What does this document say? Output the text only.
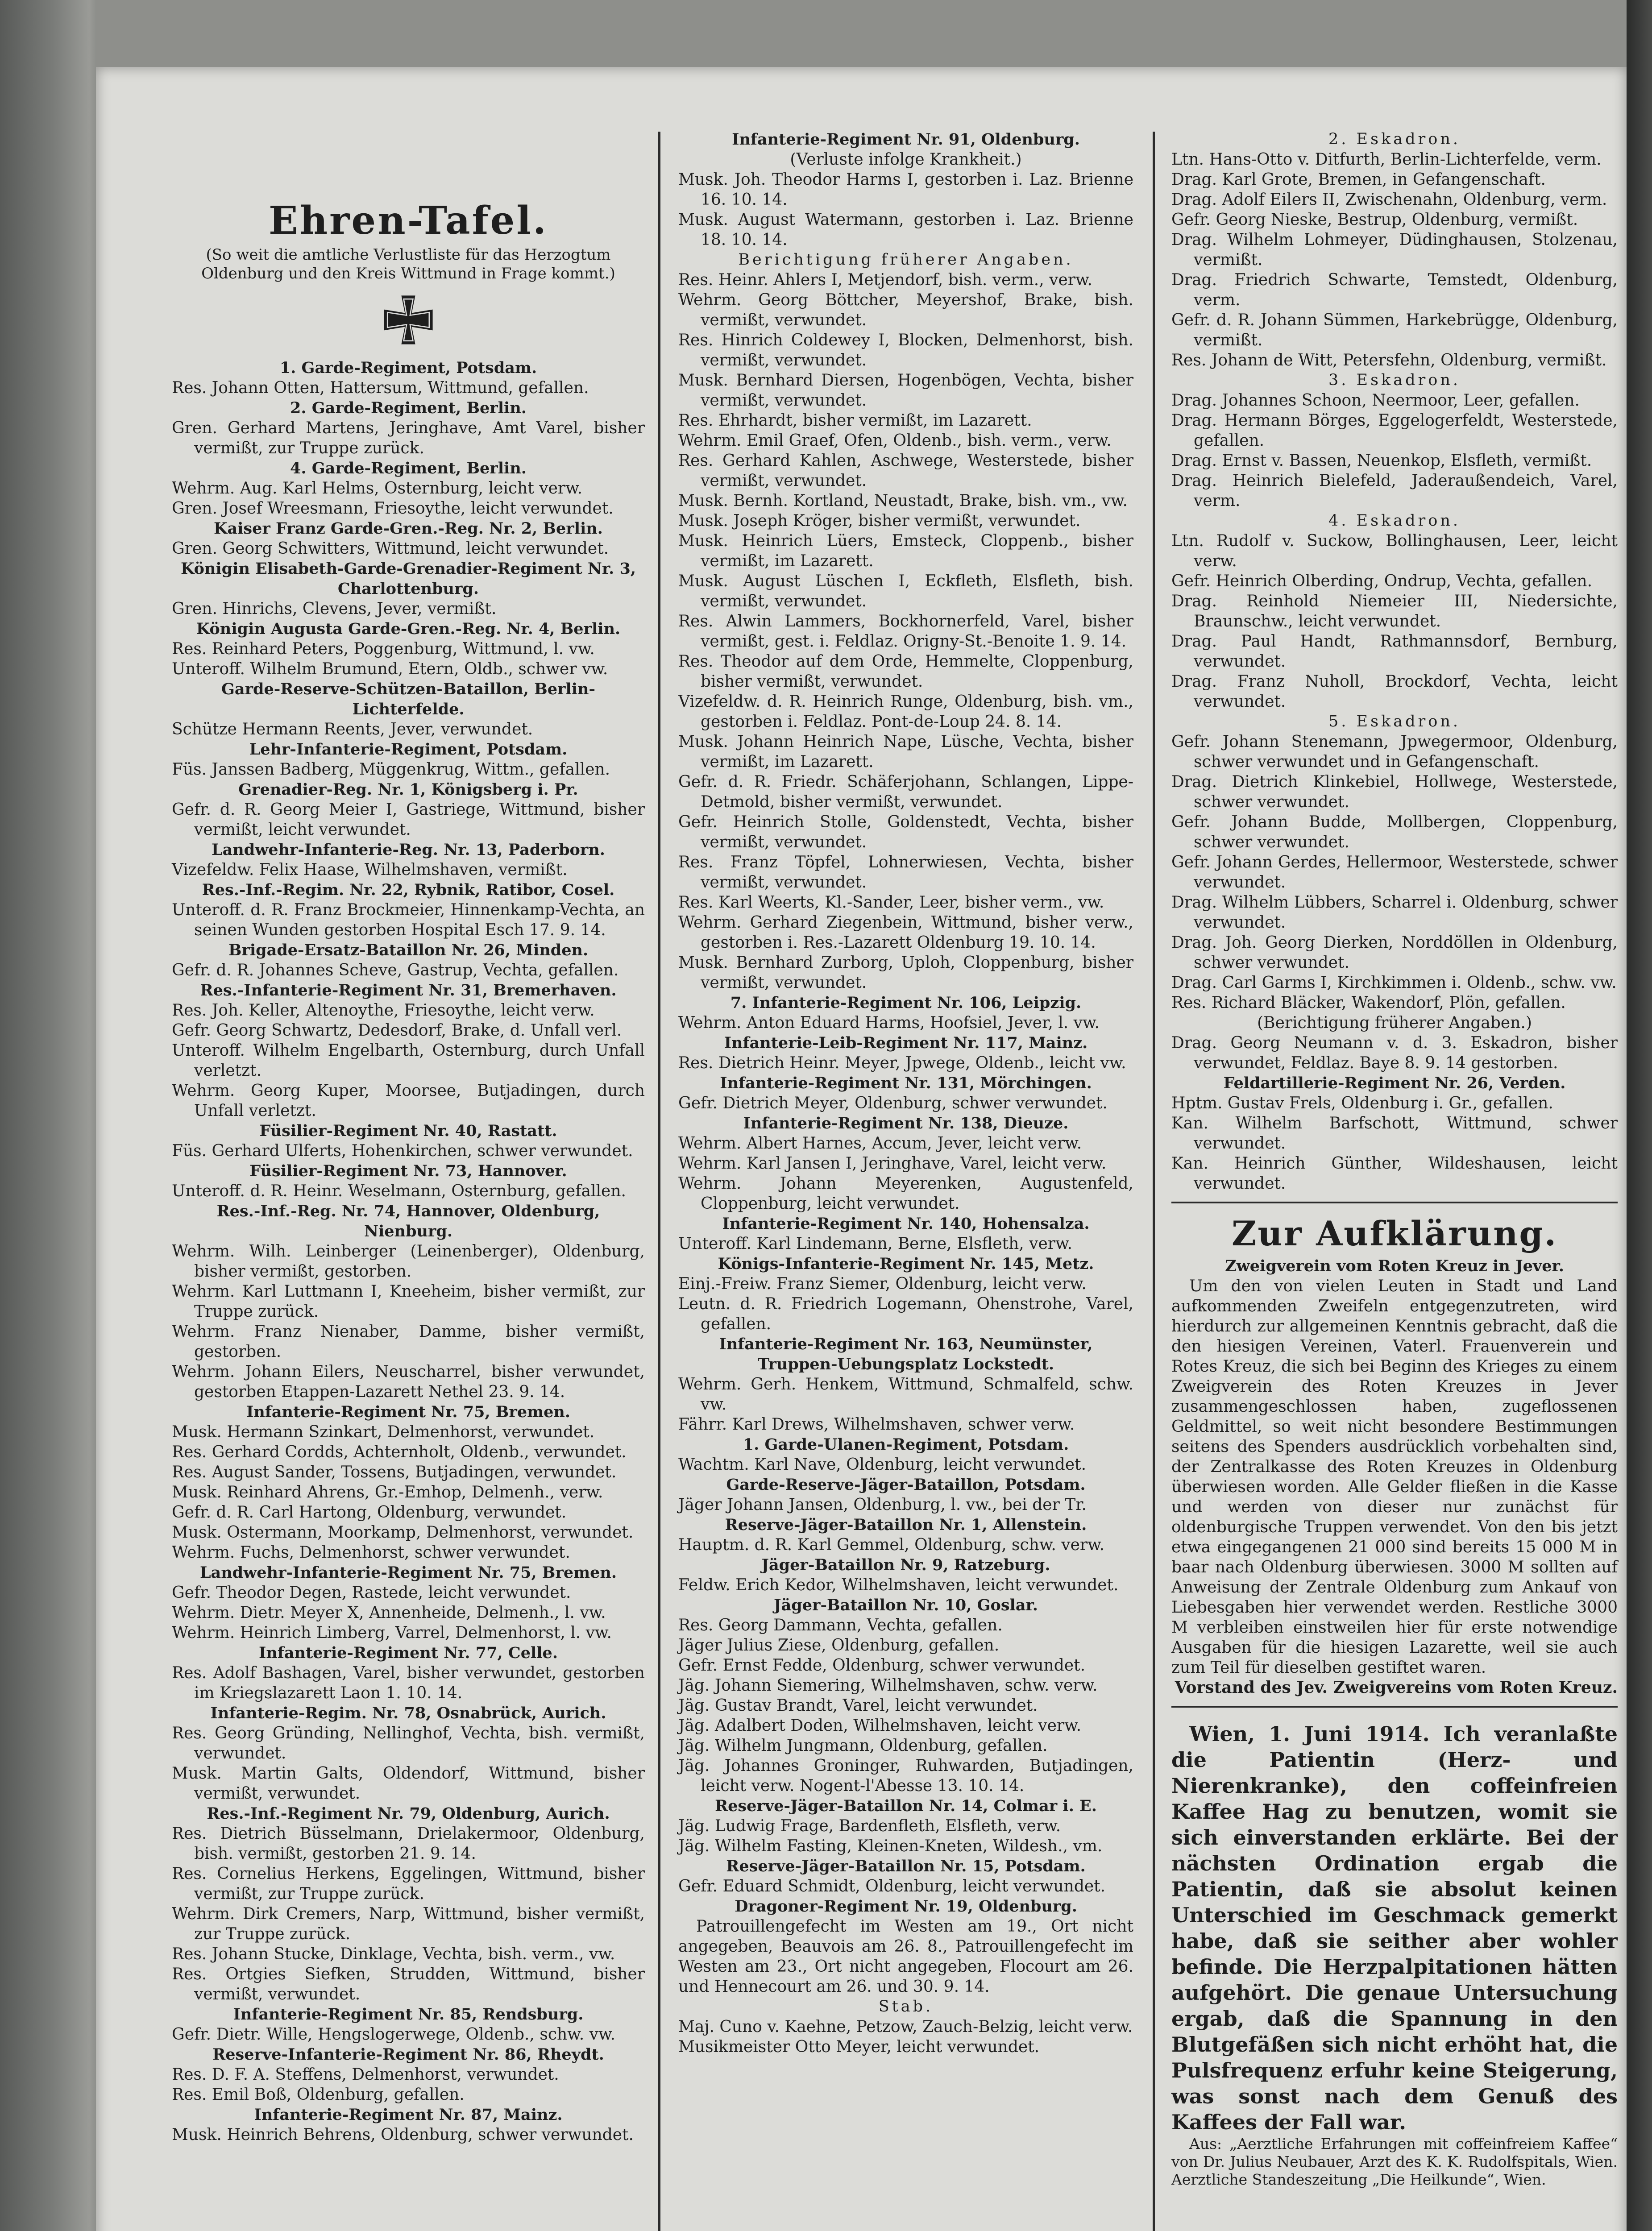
Ehren-Tafel.
(So weit die amtliche Verlustliste für das Herzogtum Oldenburg und den Kreis Wittmund in Frage kommt.)
1. Garde-Regiment, Potsdam.
Res. Johann Otten, Hattersum, Wittmund, gefallen.
2. Garde-Regiment, Berlin.
Gren. Gerhard Martens, Jeringhave, Amt Varel, bisher vermißt, zur Truppe zurück.
4. Garde-Regiment, Berlin.
Wehrm. Aug. Karl Helms, Osternburg, leicht verw.
Gren. Josef Wreesmann, Friesoythe, leicht verwundet.
Kaiser Franz Garde-Gren.-Reg. Nr. 2, Berlin.
Gren. Georg Schwitters, Wittmund, leicht verwundet.
Königin Elisabeth-Garde-Grenadier-Regiment Nr. 3, Charlottenburg.
Gren. Hinrichs, Clevens, Jever, vermißt.
Königin Augusta Garde-Gren.-Reg. Nr. 4, Berlin.
Res. Reinhard Peters, Poggenburg, Wittmund, l. vw.
Unteroff. Wilhelm Brumund, Etern, Oldb., schwer vw.
Garde-Reserve-Schützen-Bataillon, Berlin-Lichterfelde.
Schütze Hermann Reents, Jever, verwundet.
Lehr-Infanterie-Regiment, Potsdam.
Füs. Janssen Badberg, Müggenkrug, Wittm., gefallen.
Grenadier-Reg. Nr. 1, Königsberg i. Pr.
Gefr. d. R. Georg Meier I, Gastriege, Wittmund, bisher vermißt, leicht verwundet.
Landwehr-Infanterie-Reg. Nr. 13, Paderborn.
Vizefeldw. Felix Haase, Wilhelmshaven, vermißt.
Res.-Inf.-Regim. Nr. 22, Rybnik, Ratibor, Cosel.
Unteroff. d. R. Franz Brockmeier, Hinnenkamp-Vechta, an seinen Wunden gestorben Hospital Esch 17. 9. 14.
Brigade-Ersatz-Bataillon Nr. 26, Minden.
Gefr. d. R. Johannes Scheve, Gastrup, Vechta, gefallen.
Res.-Infanterie-Regiment Nr. 31, Bremerhaven.
Res. Joh. Keller, Altenoythe, Friesoythe, leicht verw.
Gefr. Georg Schwartz, Dedesdorf, Brake, d. Unfall verl.
Unteroff. Wilhelm Engelbarth, Osternburg, durch Unfall verletzt.
Wehrm. Georg Kuper, Moorsee, Butjadingen, durch Unfall verletzt.
Füsilier-Regiment Nr. 40, Rastatt.
Füs. Gerhard Ulferts, Hohenkirchen, schwer verwundet.
Füsilier-Regiment Nr. 73, Hannover.
Unteroff. d. R. Heinr. Weselmann, Osternburg, gefallen.
Res.-Inf.-Reg. Nr. 74, Hannover, Oldenburg, Nienburg.
Wehrm. Wilh. Leinberger (Leinenberger), Oldenburg, bisher vermißt, gestorben.
Wehrm. Karl Luttmann I, Kneeheim, bisher vermißt, zur Truppe zurück.
Wehrm. Franz Nienaber, Damme, bisher vermißt, gestorben.
Wehrm. Johann Eilers, Neuscharrel, bisher verwundet, gestorben Etappen-Lazarett Nethel 23. 9. 14.
Infanterie-Regiment Nr. 75, Bremen.
Musk. Hermann Szinkart, Delmenhorst, verwundet.
Res. Gerhard Cordds, Achternholt, Oldenb., verwundet.
Res. August Sander, Tossens, Butjadingen, verwundet.
Musk. Reinhard Ahrens, Gr.-Emhop, Delmenh., verw.
Gefr. d. R. Carl Hartong, Oldenburg, verwundet.
Musk. Ostermann, Moorkamp, Delmenhorst, verwundet.
Wehrm. Fuchs, Delmenhorst, schwer verwundet.
Landwehr-Infanterie-Regiment Nr. 75, Bremen.
Gefr. Theodor Degen, Rastede, leicht verwundet.
Wehrm. Dietr. Meyer X, Annenheide, Delmenh., l. vw.
Wehrm. Heinrich Limberg, Varrel, Delmenhorst, l. vw.
Infanterie-Regiment Nr. 77, Celle.
Res. Adolf Bashagen, Varel, bisher verwundet, gestorben im Kriegslazarett Laon 1. 10. 14.
Infanterie-Regim. Nr. 78, Osnabrück, Aurich.
Res. Georg Gründing, Nellinghof, Vechta, bish. vermißt, verwundet.
Musk. Martin Galts, Oldendorf, Wittmund, bisher vermißt, verwundet.
Res.-Inf.-Regiment Nr. 79, Oldenburg, Aurich.
Res. Dietrich Büsselmann, Drielakermoor, Oldenburg, bish. vermißt, gestorben 21. 9. 14.
Res. Cornelius Herkens, Eggelingen, Wittmund, bisher vermißt, zur Truppe zurück.
Wehrm. Dirk Cremers, Narp, Wittmund, bisher vermißt, zur Truppe zurück.
Res. Johann Stucke, Dinklage, Vechta, bish. verm., vw.
Res. Ortgies Siefken, Strudden, Wittmund, bisher vermißt, verwundet.
Infanterie-Regiment Nr. 85, Rendsburg.
Gefr. Dietr. Wille, Hengslogerwege, Oldenb., schw. vw.
Reserve-Infanterie-Regiment Nr. 86, Rheydt.
Res. D. F. A. Steffens, Delmenhorst, verwundet.
Res. Emil Boß, Oldenburg, gefallen.
Infanterie-Regiment Nr. 87, Mainz.
Musk. Heinrich Behrens, Oldenburg, schwer verwundet.
Infanterie-Regiment Nr. 91, Oldenburg.
(Verluste infolge Krankheit.)
Musk. Joh. Theodor Harms I, gestorben i. Laz. Brienne 16. 10. 14.
Musk. August Watermann, gestorben i. Laz. Brienne 18. 10. 14.
Berichtigung früherer Angaben.
Res. Heinr. Ahlers I, Metjendorf, bish. verm., verw.
Wehrm. Georg Böttcher, Meyershof, Brake, bish. vermißt, verwundet.
Res. Hinrich Coldewey I, Blocken, Delmenhorst, bish. vermißt, verwundet.
Musk. Bernhard Diersen, Hogenbögen, Vechta, bisher vermißt, verwundet.
Res. Ehrhardt, bisher vermißt, im Lazarett.
Wehrm. Emil Graef, Ofen, Oldenb., bish. verm., verw.
Res. Gerhard Kahlen, Aschwege, Westerstede, bisher vermißt, verwundet.
Musk. Bernh. Kortland, Neustadt, Brake, bish. vm., vw.
Musk. Joseph Kröger, bisher vermißt, verwundet.
Musk. Heinrich Lüers, Emsteck, Cloppenb., bisher vermißt, im Lazarett.
Musk. August Lüschen I, Eckfleth, Elsfleth, bish. vermißt, verwundet.
Res. Alwin Lammers, Bockhornerfeld, Varel, bisher vermißt, gest. i. Feldlaz. Origny-St.-Benoite 1. 9. 14.
Res. Theodor auf dem Orde, Hemmelte, Cloppenburg, bisher vermißt, verwundet.
Vizefeldw. d. R. Heinrich Runge, Oldenburg, bish. vm., gestorben i. Feldlaz. Pont-de-Loup 24. 8. 14.
Musk. Johann Heinrich Nape, Lüsche, Vechta, bisher vermißt, im Lazarett.
Gefr. d. R. Friedr. Schäferjohann, Schlangen, Lippe-Detmold, bisher vermißt, verwundet.
Gefr. Heinrich Stolle, Goldenstedt, Vechta, bisher vermißt, verwundet.
Res. Franz Töpfel, Lohnerwiesen, Vechta, bisher vermißt, verwundet.
Res. Karl Weerts, Kl.-Sander, Leer, bisher verm., vw.
Wehrm. Gerhard Ziegenbein, Wittmund, bisher verw., gestorben i. Res.-Lazarett Oldenburg 19. 10. 14.
Musk. Bernhard Zurborg, Uploh, Cloppenburg, bisher vermißt, verwundet.
7. Infanterie-Regiment Nr. 106, Leipzig.
Wehrm. Anton Eduard Harms, Hoofsiel, Jever, l. vw.
Infanterie-Leib-Regiment Nr. 117, Mainz.
Res. Dietrich Heinr. Meyer, Jpwege, Oldenb., leicht vw.
Infanterie-Regiment Nr. 131, Mörchingen.
Gefr. Dietrich Meyer, Oldenburg, schwer verwundet.
Infanterie-Regiment Nr. 138, Dieuze.
Wehrm. Albert Harnes, Accum, Jever, leicht verw.
Wehrm. Karl Jansen I, Jeringhave, Varel, leicht verw.
Wehrm. Johann Meyerenken, Augustenfeld, Cloppenburg, leicht verwundet.
Infanterie-Regiment Nr. 140, Hohensalza.
Unteroff. Karl Lindemann, Berne, Elsfleth, verw.
Königs-Infanterie-Regiment Nr. 145, Metz.
Einj.-Freiw. Franz Siemer, Oldenburg, leicht verw.
Leutn. d. R. Friedrich Logemann, Ohenstrohe, Varel, gefallen.
Infanterie-Regiment Nr. 163, Neumünster, Truppen-Uebungsplatz Lockstedt.
Wehrm. Gerh. Henkem, Wittmund, Schmalfeld, schw. vw.
Fährr. Karl Drews, Wilhelmshaven, schwer verw.
1. Garde-Ulanen-Regiment, Potsdam.
Wachtm. Karl Nave, Oldenburg, leicht verwundet.
Garde-Reserve-Jäger-Bataillon, Potsdam.
Jäger Johann Jansen, Oldenburg, l. vw., bei der Tr.
Reserve-Jäger-Bataillon Nr. 1, Allenstein.
Hauptm. d. R. Karl Gemmel, Oldenburg, schw. verw.
Jäger-Bataillon Nr. 9, Ratzeburg.
Feldw. Erich Kedor, Wilhelmshaven, leicht verwundet.
Jäger-Bataillon Nr. 10, Goslar.
Res. Georg Dammann, Vechta, gefallen.
Jäger Julius Ziese, Oldenburg, gefallen.
Gefr. Ernst Fedde, Oldenburg, schwer verwundet.
Jäg. Johann Siemering, Wilhelmshaven, schw. verw.
Jäg. Gustav Brandt, Varel, leicht verwundet.
Jäg. Adalbert Doden, Wilhelmshaven, leicht verw.
Jäg. Wilhelm Jungmann, Oldenburg, gefallen.
Jäg. Johannes Groninger, Ruhwarden, Butjadingen, leicht verw. Nogent-l'Abesse 13. 10. 14.
Reserve-Jäger-Bataillon Nr. 14, Colmar i. E.
Jäg. Ludwig Frage, Bardenfleth, Elsfleth, verw.
Jäg. Wilhelm Fasting, Kleinen-Kneten, Wildesh., vm.
Reserve-Jäger-Bataillon Nr. 15, Potsdam.
Gefr. Eduard Schmidt, Oldenburg, leicht verwundet.
Dragoner-Regiment Nr. 19, Oldenburg.
Patrouillengefecht im Westen am 19., Ort nicht angegeben, Beauvois am 26. 8., Patrouillengefecht im Westen am 23., Ort nicht angegeben, Flocourt am 26. und Hennecourt am 26. und 30. 9. 14.
Stab.
Maj. Cuno v. Kaehne, Petzow, Zauch-Belzig, leicht verw.
Musikmeister Otto Meyer, leicht verwundet.
2. Eskadron.
Ltn. Hans-Otto v. Ditfurth, Berlin-Lichterfelde, verm.
Drag. Karl Grote, Bremen, in Gefangenschaft.
Drag. Adolf Eilers II, Zwischenahn, Oldenburg, verm.
Gefr. Georg Nieske, Bestrup, Oldenburg, vermißt.
Drag. Wilhelm Lohmeyer, Düdinghausen, Stolzenau, vermißt.
Drag. Friedrich Schwarte, Temstedt, Oldenburg, verm.
Gefr. d. R. Johann Sümmen, Harkebrügge, Oldenburg, vermißt.
Res. Johann de Witt, Petersfehn, Oldenburg, vermißt.
3. Eskadron.
Drag. Johannes Schoon, Neermoor, Leer, gefallen.
Drag. Hermann Börges, Eggelogerfeldt, Westerstede, gefallen.
Drag. Ernst v. Bassen, Neuenkop, Elsfleth, vermißt.
Drag. Heinrich Bielefeld, Jaderaußendeich, Varel, verm.
4. Eskadron.
Ltn. Rudolf v. Suckow, Bollinghausen, Leer, leicht verw.
Gefr. Heinrich Olberding, Ondrup, Vechta, gefallen.
Drag. Reinhold Niemeier III, Niedersichte, Braunschw., leicht verwundet.
Drag. Paul Handt, Rathmannsdorf, Bernburg, verwundet.
Drag. Franz Nuholl, Brockdorf, Vechta, leicht verwundet.
5. Eskadron.
Gefr. Johann Stenemann, Jpwegermoor, Oldenburg, schwer verwundet und in Gefangenschaft.
Drag. Dietrich Klinkebiel, Hollwege, Westerstede, schwer verwundet.
Gefr. Johann Budde, Mollbergen, Cloppenburg, schwer verwundet.
Gefr. Johann Gerdes, Hellermoor, Westerstede, schwer verwundet.
Drag. Wilhelm Lübbers, Scharrel i. Oldenburg, schwer verwundet.
Drag. Joh. Georg Dierken, Norddöllen in Oldenburg, schwer verwundet.
Drag. Carl Garms I, Kirchkimmen i. Oldenb., schw. vw.
Res. Richard Bläcker, Wakendorf, Plön, gefallen.
(Berichtigung früherer Angaben.)
Drag. Georg Neumann v. d. 3. Eskadron, bisher verwundet, Feldlaz. Baye 8. 9. 14 gestorben.
Feldartillerie-Regiment Nr. 26, Verden.
Hptm. Gustav Frels, Oldenburg i. Gr., gefallen.
Kan. Wilhelm Barfschott, Wittmund, schwer verwundet.
Kan. Heinrich Günther, Wildeshausen, leicht verwundet.
Zur Aufklärung.
Zweigverein vom Roten Kreuz in Jever.
Um den von vielen Leuten in Stadt und Land aufkommenden Zweifeln entgegenzutreten, wird hierdurch zur allgemeinen Kenntnis gebracht, daß die den hiesigen Vereinen, Vaterl. Frauenverein und Rotes Kreuz, die sich bei Beginn des Krieges zu einem Zweigverein des Roten Kreuzes in Jever zusammengeschlossen haben, zugeflossenen Geldmittel, so weit nicht besondere Bestimmungen seitens des Spenders ausdrücklich vorbehalten sind, der Zentralkasse des Roten Kreuzes in Oldenburg überwiesen worden. Alle Gelder fließen in die Kasse und werden von dieser nur zunächst für oldenburgische Truppen verwendet. Von den bis jetzt etwa eingegangenen 21 000 sind bereits 15 000 M in baar nach Oldenburg überwiesen. 3000 M sollten auf Anweisung der Zentrale Oldenburg zum Ankauf von Liebesgaben hier verwendet werden. Restliche 3000 M verbleiben einstweilen hier für erste notwendige Ausgaben für die hiesigen Lazarette, weil sie auch zum Teil für dieselben gestiftet waren.
Vorstand des Jev. Zweigvereins vom Roten Kreuz.
Wien, 1. Juni 1914. Ich veranlaßte die Patientin (Herz- und Nierenkranke), den coffeinfreien Kaffee Hag zu benutzen, womit sie sich einverstanden erklärte. Bei der nächsten Ordination ergab die Patientin, daß sie absolut keinen Unterschied im Geschmack gemerkt habe, daß sie seither aber wohler befinde. Die Herzpalpitationen hätten aufgehört. Die genaue Untersuchung ergab, daß die Spannung in den Blutgefäßen sich nicht erhöht hat, die Pulsfrequenz erfuhr keine Steigerung, was sonst nach dem Genuß des Kaffees der Fall war.
Aus: „Aerztliche Erfahrungen mit coffeinfreiem Kaffee“ von Dr. Julius Neubauer, Arzt des K. K. Rudolfspitals, Wien. Aerztliche Standeszeitung „Die Heilkunde“, Wien.
